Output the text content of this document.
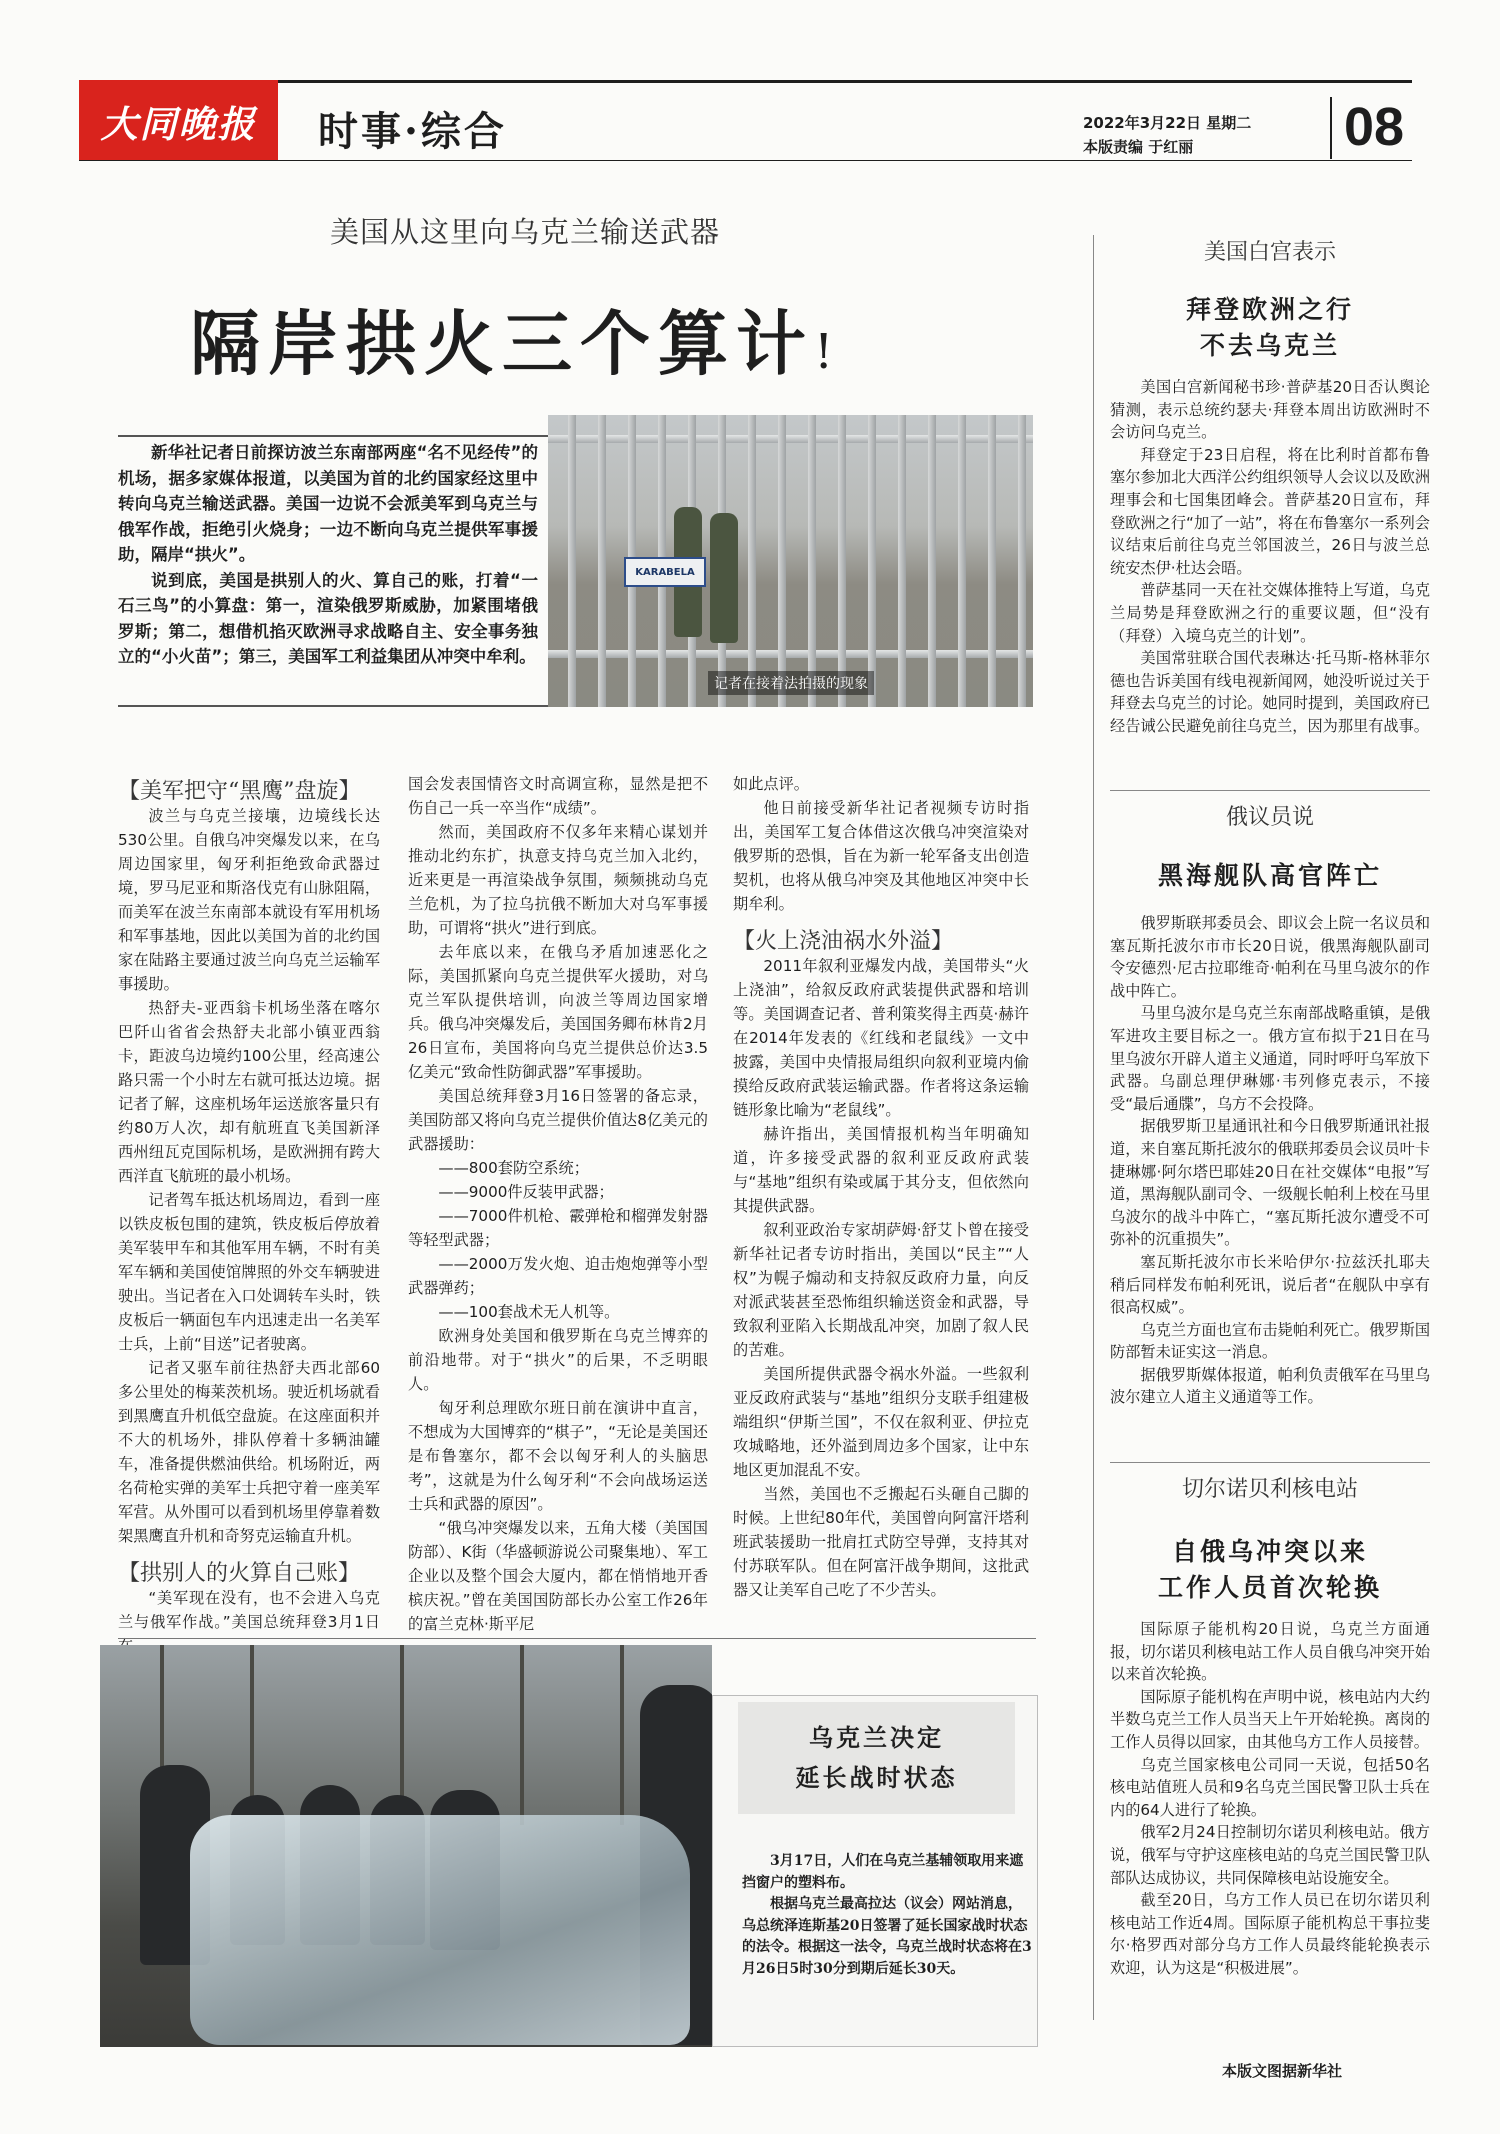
大同晚报	时事·综合	2022年3月22日 星期二
本版责编 于红丽	08
美国从这里向乌克兰输送武器
隔岸拱火三个算计!

新华社记者日前探访波兰东南部两座“名不见经传”的机场，据多家媒体报道，以美国为首的北约国家经这里中转向乌克兰输送武器。美国一边说不会派美军到乌克兰与俄军作战，拒绝引火烧身；一边不断向乌克兰提供军事援助，隔岸“拱火”。

说到底，美国是拱别人的火、算自己的账，打着“一石三鸟”的小算盘：第一，渲染俄罗斯威胁，加紧围堵俄罗斯；第二，想借机掐灭欧洲寻求战略自主、安全事务独立的“小火苗”；第三，美国军工利益集团从冲突中牟利。

KARABELA
记者在接着法拍摄的现象

【美军把守“黑鹰”盘旋】

波兰与乌克兰接壤，边境线长达530公里。自俄乌冲突爆发以来，在乌周边国家里，匈牙利拒绝致命武器过境，罗马尼亚和斯洛伐克有山脉阻隔，而美军在波兰东南部本就设有军用机场和军事基地，因此以美国为首的北约国家在陆路主要通过波兰向乌克兰运输军事援助。

热舒夫-亚西翁卡机场坐落在喀尔巴阡山省省会热舒夫北部小镇亚西翁卡，距波乌边境约100公里，经高速公路只需一个小时左右就可抵达边境。据记者了解，这座机场年运送旅客量只有约80万人次，却有航班直飞美国新泽西州纽瓦克国际机场，是欧洲拥有跨大西洋直飞航班的最小机场。

记者驾车抵达机场周边，看到一座以铁皮板包围的建筑，铁皮板后停放着美军装甲车和其他军用车辆，不时有美军车辆和美国使馆牌照的外交车辆驶进驶出。当记者在入口处调转车头时，铁皮板后一辆面包车内迅速走出一名美军士兵，上前“目送”记者驶离。

记者又驱车前往热舒夫西北部60多公里处的梅莱茨机场。驶近机场就看到黑鹰直升机低空盘旋。在这座面积并不大的机场外，排队停着十多辆油罐车，准备提供燃油供给。机场附近，两名荷枪实弹的美军士兵把守着一座美军军营。从外围可以看到机场里停靠着数架黑鹰直升机和奇努克运输直升机。

【拱别人的火算自己账】

“美军现在没有，也不会进入乌克兰与俄军作战。”美国总统拜登3月1日

国会发表国情咨文时高调宣称，显然是把不伤自己一兵一卒当作“成绩”。

然而，美国政府不仅多年来精心谋划并推动北约东扩，执意支持乌克兰加入北约，近来更是一再渲染战争氛围，频频挑动乌克兰危机，为了拉乌抗俄不断加大对乌军事援助，可谓将“拱火”进行到底。

去年底以来，在俄乌矛盾加速恶化之际，美国抓紧向乌克兰提供军火援助，对乌克兰军队提供培训，向波兰等周边国家增兵。俄乌冲突爆发后，美国国务卿布林肯2月26日宣布，美国将向乌克兰提供总价达3.5亿美元“致命性防御武器”军事援助。

美国总统拜登3月16日签署的备忘录，美国防部又将向乌克兰提供价值达8亿美元的武器援助：

——800套防空系统；

——9000件反装甲武器；

——7000件机枪、霰弹枪和榴弹发射器等轻型武器；

——2000万发火炮、迫击炮炮弹等小型武器弹药；

——100套战术无人机等。

欧洲身处美国和俄罗斯在乌克兰博弈的前沿地带。对于“拱火”的后果，不乏明眼人。

匈牙利总理欧尔班日前在演讲中直言，不想成为大国博弈的“棋子”，“无论是美国还是布鲁塞尔，都不会以匈牙利人的头脑思考”，这就是为什么匈牙利“不会向战场运送士兵和武器的原因”。

“俄乌冲突爆发以来，五角大楼（美国国防部）、K街（华盛顿游说公司聚集地）、军工企业以及整个国会大厦内，都在悄悄地开香槟庆祝。”曾在美国国防部长办公室工作26年的富兰克林·斯平尼

如此点评。

他日前接受新华社记者视频专访时指出，美国军工复合体借这次俄乌冲突渲染对俄罗斯的恐惧，旨在为新一轮军备支出创造契机，也将从俄乌冲突及其他地区冲突中长期牟利。

【火上浇油祸水外溢】

2011年叙利亚爆发内战，美国带头“火上浇油”，给叙反政府武装提供武器和培训等。美国调查记者、普利策奖得主西莫·赫许在2014年发表的《红线和老鼠线》一文中披露，美国中央情报局组织向叙利亚境内偷摸给反政府武装运输武器。作者将这条运输链形象比喻为“老鼠线”。

赫许指出，美国情报机构当年明确知道，许多接受武器的叙利亚反政府武装与“基地”组织有染或属于其分支，但依然向其提供武器。

叙利亚政治专家胡萨姆·舒艾卜曾在接受新华社记者专访时指出，美国以“民主”“人权”为幌子煽动和支持叙反政府力量，向反对派武装甚至恐怖组织输送资金和武器，导致叙利亚陷入长期战乱冲突，加剧了叙人民的苦难。

美国所提供武器令祸水外溢。一些叙利亚反政府武装与“基地”组织分支联手组建极端组织“伊斯兰国”，不仅在叙利亚、伊拉克攻城略地，还外溢到周边多个国家，让中东地区更加混乱不安。

当然，美国也不乏搬起石头砸自己脚的时候。上世纪80年代，美国曾向阿富汗塔利班武装援助一批肩扛式防空导弹，支持其对付苏联军队。但在阿富汗战争期间，这批武器又让美军自己吃了不少苦头。

乌克兰决定
延长战时状态

3月17日，人们在乌克兰基辅领取用来遮挡窗户的塑料布。

根据乌克兰最高拉达（议会）网站消息，乌总统泽连斯基20日签署了延长国家战时状态的法令。根据这一法令，乌克兰战时状态将在3月26日5时30分到期后延长30天。

美国白宫表示
拜登欧洲之行
不去乌克兰

美国白宫新闻秘书珍·普萨基20日否认舆论猜测，表示总统约瑟夫·拜登本周出访欧洲时不会访问乌克兰。

拜登定于23日启程，将在比利时首都布鲁塞尔参加北大西洋公约组织领导人会议以及欧洲理事会和七国集团峰会。普萨基20日宣布，拜登欧洲之行“加了一站”，将在布鲁塞尔一系列会议结束后前往乌克兰邻国波兰，26日与波兰总统安杰伊·杜达会晤。

普萨基同一天在社交媒体推特上写道，乌克兰局势是拜登欧洲之行的重要议题，但“没有（拜登）入境乌克兰的计划”。

美国常驻联合国代表琳达·托马斯-格林菲尔德也告诉美国有线电视新闻网，她没听说过关于拜登去乌克兰的讨论。她同时提到，美国政府已经告诫公民避免前往乌克兰，因为那里有战事。

俄议员说
黑海舰队高官阵亡

俄罗斯联邦委员会、即议会上院一名议员和塞瓦斯托波尔市市长20日说，俄黑海舰队副司令安德烈·尼古拉耶维奇·帕利在马里乌波尔的作战中阵亡。

马里乌波尔是乌克兰东南部战略重镇，是俄军进攻主要目标之一。俄方宣布拟于21日在马里乌波尔开辟人道主义通道，同时呼吁乌军放下武器。乌副总理伊琳娜·韦列修克表示，不接受“最后通牒”，乌方不会投降。

据俄罗斯卫星通讯社和今日俄罗斯通讯社报道，来自塞瓦斯托波尔的俄联邦委员会议员叶卡捷琳娜·阿尔塔巴耶娃20日在社交媒体“电报”写道，黑海舰队副司令、一级舰长帕利上校在马里乌波尔的战斗中阵亡，“塞瓦斯托波尔遭受不可弥补的沉重损失”。

塞瓦斯托波尔市长米哈伊尔·拉兹沃扎耶夫稍后同样发布帕利死讯，说后者“在舰队中享有很高权威”。

乌克兰方面也宣布击毙帕利死亡。俄罗斯国防部暂未证实这一消息。

据俄罗斯媒体报道，帕利负责俄军在马里乌波尔建立人道主义通道等工作。

切尔诺贝利核电站
自俄乌冲突以来
工作人员首次轮换

国际原子能机构20日说，乌克兰方面通报，切尔诺贝利核电站工作人员自俄乌冲突开始以来首次轮换。

国际原子能机构在声明中说，核电站内大约半数乌克兰工作人员当天上午开始轮换。离岗的工作人员得以回家，由其他乌方工作人员接替。

乌克兰国家核电公司同一天说，包括50名核电站值班人员和9名乌克兰国民警卫队士兵在内的64人进行了轮换。

俄军2月24日控制切尔诺贝利核电站。俄方说，俄军与守护这座核电站的乌克兰国民警卫队部队达成协议，共同保障核电站设施安全。

截至20日，乌方工作人员已在切尔诺贝利核电站工作近4周。国际原子能机构总干事拉斐尔·格罗西对部分乌方工作人员最终能轮换表示欢迎，认为这是“积极进展”。

本版文图据新华社
